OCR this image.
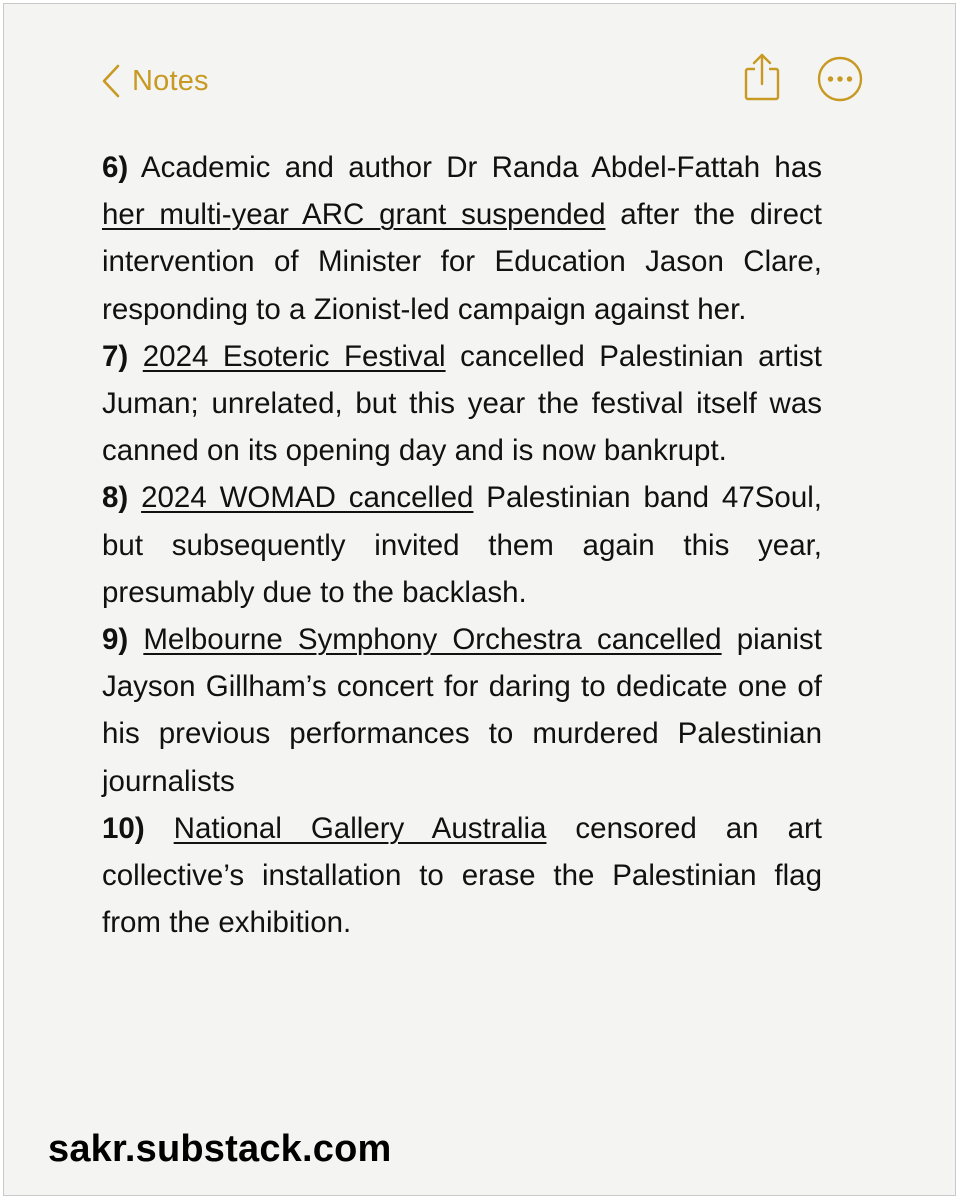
Notes

6) Academic and author Dr Randa Abdel-Fattah has her multi-year ARC grant suspended after the direct intervention of Minister for Education Jason Clare, responding to a Zionist-led campaign against her.

7) 2024 Esoteric Festival cancelled Palestinian artist Juman; unrelated, but this year the festival itself was canned on its opening day and is now bankrupt.

8) 2024 WOMAD cancelled Palestinian band 47Soul, but subsequently invited them again this year, presumably due to the backlash.

9) Melbourne Symphony Orchestra cancelled pianist Jayson Gillham’s concert for daring to dedicate one of his previous performances to murdered Palestinian journalists

10) National Gallery Australia censored an art collective’s installation to erase the Palestinian flag from the exhibition.

sakr.substack.com
